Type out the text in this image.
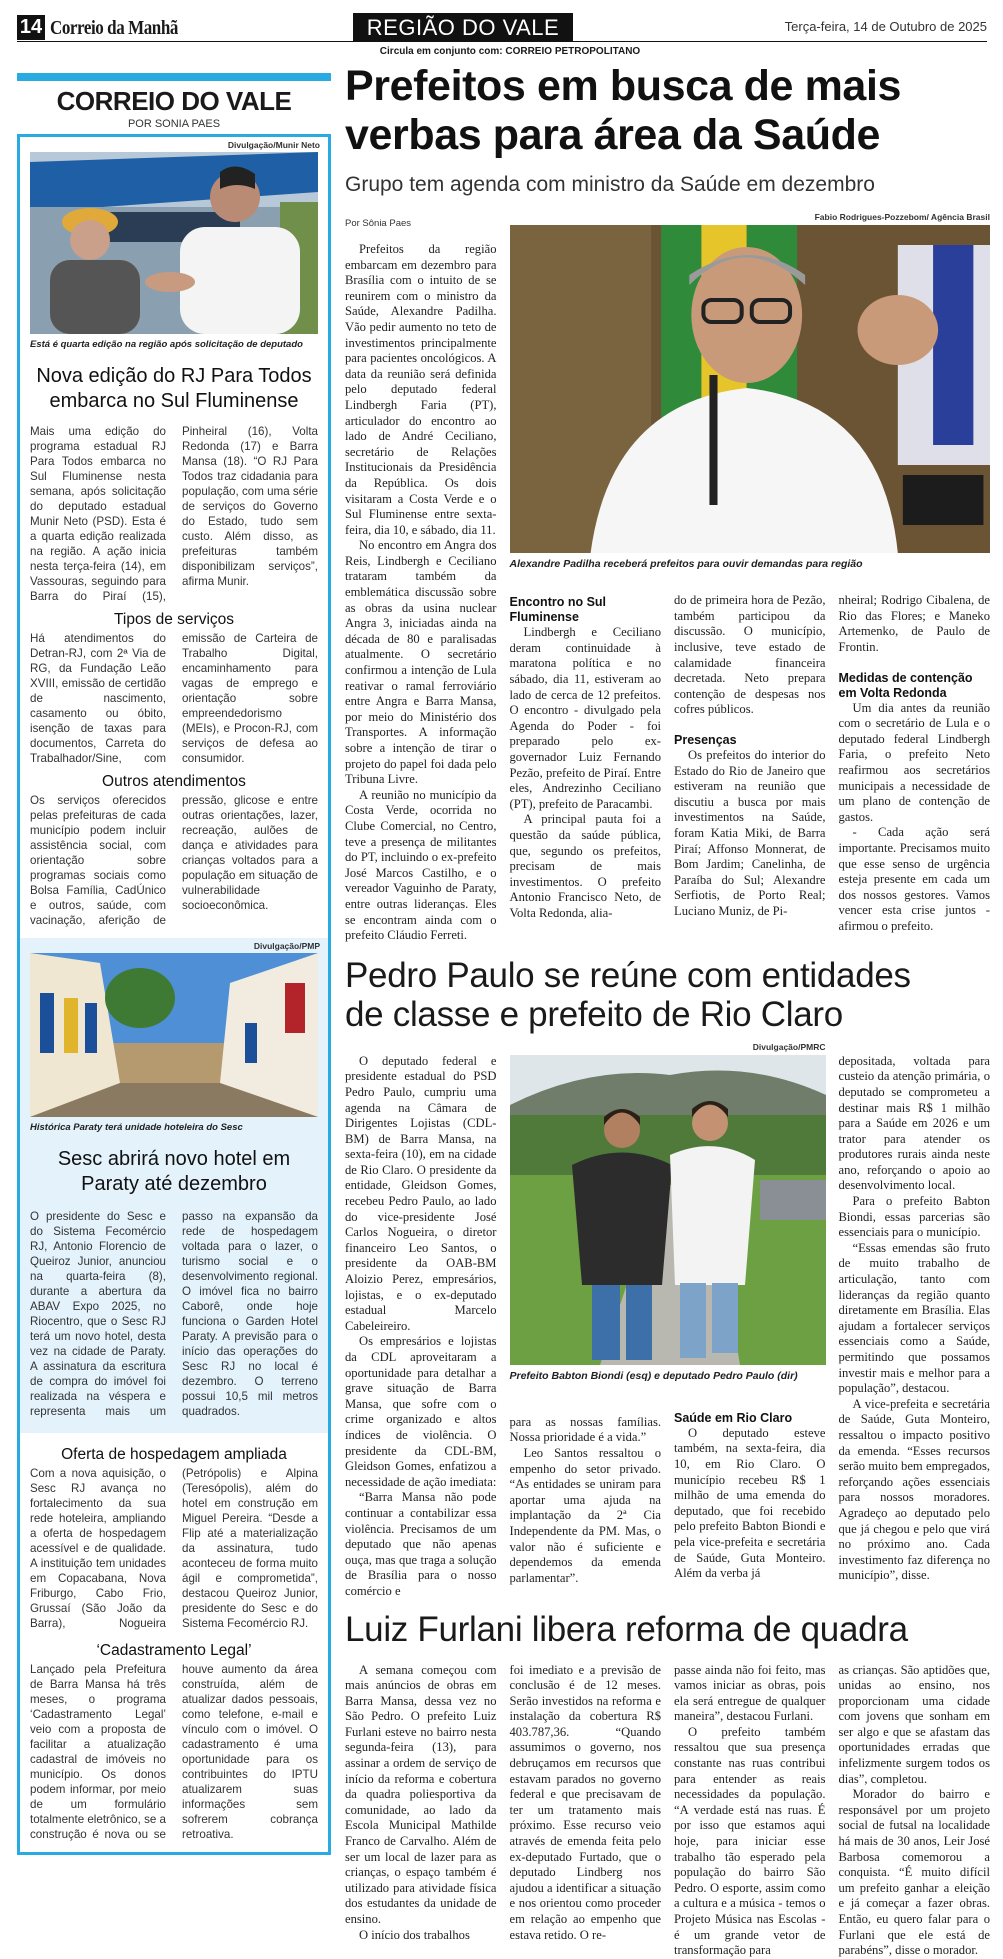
14 Correio da Manhã	REGIÃO DO VALE	Terça-feira, 14 de Outubro de 2025
Circula em conjunto com: CORREIO PETROPOLITANO
CORREIO DO VALE
POR SONIA PAES
Divulgação/Munir Neto
Está é quarta edição na região após solicitação de deputado
Nova edição do RJ Para Todos embarca no Sul Fluminense
Mais uma edição do programa estadual RJ Para Todos embarca no Sul Fluminense nesta semana, após solicitação do deputado estadual Munir Neto (PSD). Esta é a quarta edição realizada na região. A ação inicia nesta terça-feira (14), em Vassouras, seguindo para Barra do Piraí (15), Pinheiral (16), Volta Redonda (17) e Barra Mansa (18). “O RJ Para Todos traz cidadania para população, com uma série de serviços do Governo do Estado, tudo sem custo. Além disso, as prefeituras também disponibilizam serviços”, afirma Munir.
Tipos de serviços
Há atendimentos do Detran-RJ, com 2ª Via de RG, da Fundação Leão XVIII, emissão de certidão de nascimento, casamento ou óbito, isenção de taxas para documentos, Carreta do Trabalhador/Sine, com emissão de Carteira de Trabalho Digital, encaminhamento para vagas de emprego e orientação sobre empreendedorismo (MEIs), e Procon-RJ, com serviços de defesa ao consumidor.
Outros atendimentos
Os serviços oferecidos pelas prefeituras de cada município podem incluir assistência social, com orientação sobre programas sociais como Bolsa Família, CadÚnico e outros, saúde, com vacinação, aferição de pressão, glicose e entre outras orientações, lazer, recreação, aulões de dança e atividades para crianças voltados para a população em situação de vulnerabilidade socioeconômica.
Divulgação/PMP
Histórica Paraty terá unidade hoteleira do Sesc
Sesc abrirá novo hotel em Paraty até dezembro
O presidente do Sesc e do Sistema Fecomércio RJ, Antonio Florencio de Queiroz Junior, anunciou na quarta-feira (8), durante a abertura da ABAV Expo 2025, no Riocentro, que o Sesc RJ terá um novo hotel, desta vez na cidade de Paraty. A assinatura da escritura de compra do imóvel foi realizada na véspera e representa mais um passo na expansão da rede de hospedagem voltada para o lazer, o turismo social e o desenvolvimento regional. O imóvel fica no bairro Caborê, onde hoje funciona o Garden Hotel Paraty. A previsão para o início das operações do Sesc RJ no local é dezembro. O terreno possui 10,5 mil metros quadrados.
Oferta de hospedagem ampliada
Com a nova aquisição, o Sesc RJ avança no fortalecimento da sua rede hoteleira, ampliando a oferta de hospedagem acessível e de qualidade. A instituição tem unidades em Copacabana, Nova Friburgo, Cabo Frio, Grussaí (São João da Barra), Nogueira (Petrópolis) e Alpina (Teresópolis), além do hotel em construção em Miguel Pereira. “Desde a Flip até a materialização da assinatura, tudo aconteceu de forma muito ágil e comprometida”, destacou Queiroz Junior, presidente do Sesc e do Sistema Fecomércio RJ.
‘Cadastramento Legal’
Lançado pela Prefeitura de Barra Mansa há três meses, o programa ‘Cadastramento Legal’ veio com a proposta de facilitar a atualização cadastral de imóveis no município. Os donos podem informar, por meio de um formulário totalmente eletrônico, se a construção é nova ou se houve aumento da área construída, além de atualizar dados pessoais, como telefone, e-mail e vínculo com o imóvel. O cadastramento é uma oportunidade para os contribuintes do IPTU atualizarem suas informações sem sofrerem cobrança retroativa.
Prefeitos em busca de mais
verbas para área da Saúde
Grupo tem agenda com ministro da Saúde em dezembro
Por Sônia Paes

Prefeitos da região embarcam em dezembro para Brasília com o intuito de se reunirem com o ministro da Saúde, Alexandre Padilha. Vão pedir aumento no teto de investimentos principalmente para pacientes oncológicos. A data da reunião será definida pelo deputado federal Lindbergh Faria (PT), articulador do encontro ao lado de André Ceciliano, secretário de Relações Institucionais da Presidência da República. Os dois visitaram a Costa Verde e o Sul Fluminense entre sexta-feira, dia 10, e sábado, dia 11.

No encontro em Angra dos Reis, Lindbergh e Ceciliano trataram também da emblemática discussão sobre as obras da usina nuclear Angra 3, iniciadas ainda na década de 80 e paralisadas atualmente. O secretário confirmou a intenção de Lula reativar o ramal ferroviário entre Angra e Barra Mansa, por meio do Ministério dos Transportes. A informação sobre a intenção de tirar o projeto do papel foi dada pelo Tribuna Livre.

A reunião no município da Costa Verde, ocorrida no Clube Comercial, no Centro, teve a presença de militantes do PT, incluindo o ex-prefeito José Marcos Castilho, e o vereador Vaguinho de Paraty, entre outras lideranças. Eles se encontram ainda com o prefeito Cláudio Ferreti.

Fabio Rodrigues-Pozzebom/ Agência Brasil
Alexandre Padilha receberá prefeitos para ouvir demandas para região
Encontro no Sul Fluminense

Lindbergh e Ceciliano deram continuidade à maratona política e no sábado, dia 11, estiveram ao lado de cerca de 12 prefeitos. O encontro - divulgado pela Agenda do Poder - foi preparado pelo ex-governador Luiz Fernando Pezão, prefeito de Piraí. Entre eles, Andrezinho Ceciliano (PT), prefeito de Paracambi.

A principal pauta foi a questão da saúde pública, que, segundo os prefeitos, precisam de mais investimentos. O prefeito Antonio Francisco Neto, de Volta Redonda, alia-

do de primeira hora de Pezão, também participou da discussão. O município, inclusive, teve estado de calamidade financeira decretada. Neto prepara contenção de despesas nos cofres públicos.

Presenças

Os prefeitos do interior do Estado do Rio de Janeiro que estiveram na reunião que discutiu a busca por mais investimentos na Saúde, foram Katia Miki, de Barra Piraí; Affonso Monnerat, de Bom Jardim; Canelinha, de Paraíba do Sul; Alexandre Serfiotis, de Porto Real; Luciano Muniz, de Pi-

nheiral; Rodrigo Cibalena, de Rio das Flores; e Maneko Artemenko, de Paulo de Frontin.

Medidas de contenção em Volta Redonda

Um dia antes da reunião com o secretário de Lula e o deputado federal Lindbergh Faria, o prefeito Neto reafirmou aos secretários municipais a necessidade de um plano de contenção de gastos.

- Cada ação será importante. Precisamos muito que esse senso de urgência esteja presente em cada um dos nossos gestores. Vamos vencer esta crise juntos - afirmou o prefeito.

Pedro Paulo se reúne com entidades
de classe e prefeito de Rio Claro

O deputado federal e presidente estadual do PSD Pedro Paulo, cumpriu uma agenda na Câmara de Dirigentes Lojistas (CDL-BM) de Barra Mansa, na sexta-feira (10), em na cidade de Rio Claro. O presidente da entidade, Gleidson Gomes, recebeu Pedro Paulo, ao lado do vice-presidente José Carlos Nogueira, o diretor financeiro Leo Santos, o presidente da OAB-BM Aloizio Perez, empresários, lojistas, e o ex-deputado estadual Marcelo Cabeleireiro.

Os empresários e lojistas da CDL aproveitaram a oportunidade para detalhar a grave situação de Barra Mansa, que sofre com o crime organizado e altos índices de violência. O presidente da CDL-BM, Gleidson Gomes, enfatizou a necessidade de ação imediata:

“Barra Mansa não pode continuar a contabilizar essa violência. Precisamos de um deputado que não apenas ouça, mas que traga a solução de Brasília para o nosso comércio e

Divulgação/PMRC
Prefeito Babton Biondi (esq) e deputado Pedro Paulo (dir)

para as nossas famílias. Nossa prioridade é a vida.”

Leo Santos ressaltou o empenho do setor privado. “As entidades se uniram para aportar uma ajuda na implantação da 2ª Cia Independente da PM. Mas, o valor não é suficiente e dependemos da emenda parlamentar”.

Saúde em Rio Claro

O deputado esteve também, na sexta-feira, dia 10, em Rio Claro. O município recebeu R$ 1 milhão de uma emenda do deputado, que foi recebido pelo prefeito Babton Biondi e pela vice-prefeita e secretária de Saúde, Guta Monteiro. Além da verba já

depositada, voltada para custeio da atenção primária, o deputado se comprometeu a destinar mais R$ 1 milhão para a Saúde em 2026 e um trator para atender os produtores rurais ainda neste ano, reforçando o apoio ao desenvolvimento local.

Para o prefeito Babton Biondi, essas parcerias são essenciais para o município.

“Essas emendas são fruto de muito trabalho de articulação, tanto com lideranças da região quanto diretamente em Brasília. Elas ajudam a fortalecer serviços essenciais como a Saúde, permitindo que possamos investir mais e melhor para a população”, destacou.

A vice-prefeita e secretária de Saúde, Guta Monteiro, ressaltou o impacto positivo da emenda. “Esses recursos serão muito bem empregados, reforçando ações essenciais para nossos moradores. Agradeço ao deputado pelo que já chegou e pelo que virá no próximo ano. Cada investimento faz diferença no município”, disse.

Luiz Furlani libera reforma de quadra

A semana começou com mais anúncios de obras em Barra Mansa, dessa vez no São Pedro. O prefeito Luiz Furlani esteve no bairro nesta segunda-feira (13), para assinar a ordem de serviço de início da reforma e cobertura da quadra poliesportiva da comunidade, ao lado da Escola Municipal Mathilde Franco de Carvalho. Além de ser um local de lazer para as crianças, o espaço também é utilizado para atividade física dos estudantes da unidade de ensino.

O início dos trabalhos

foi imediato e a previsão de conclusão é de 12 meses. Serão investidos na reforma e instalação da cobertura R$ 403.787,36. “Quando assumimos o governo, nos debruçamos em recursos que estavam parados no governo federal e que precisavam de ter um tratamento mais próximo. Esse recurso veio através de emenda feita pelo ex-deputado Furtado, que o deputado Lindberg nos ajudou a identificar a situação e nos orientou como proceder em relação ao empenho que estava retido. O re-

passe ainda não foi feito, mas vamos iniciar as obras, pois ela será entregue de qualquer maneira”, destacou Furlani.

O prefeito também ressaltou que sua presença constante nas ruas contribui para entender as reais necessidades da população. “A verdade está nas ruas. É por isso que estamos aqui hoje, para iniciar esse trabalho tão esperado pela população do bairro São Pedro. O esporte, assim como a cultura e a música - temos o Projeto Música nas Escolas - é um grande vetor de transformação para

as crianças. São aptidões que, unidas ao ensino, nos proporcionam uma cidade com jovens que sonham em ser algo e que se afastam das oportunidades erradas que infelizmente surgem todos os dias”, completou.

Morador do bairro e responsável por um projeto social de futsal na localidade há mais de 30 anos, Leir José Barbosa comemorou a conquista. “É muito difícil um prefeito ganhar a eleição e já começar a fazer obras. Então, eu quero falar para o Furlani que ele está de parabéns”, disse o morador.
